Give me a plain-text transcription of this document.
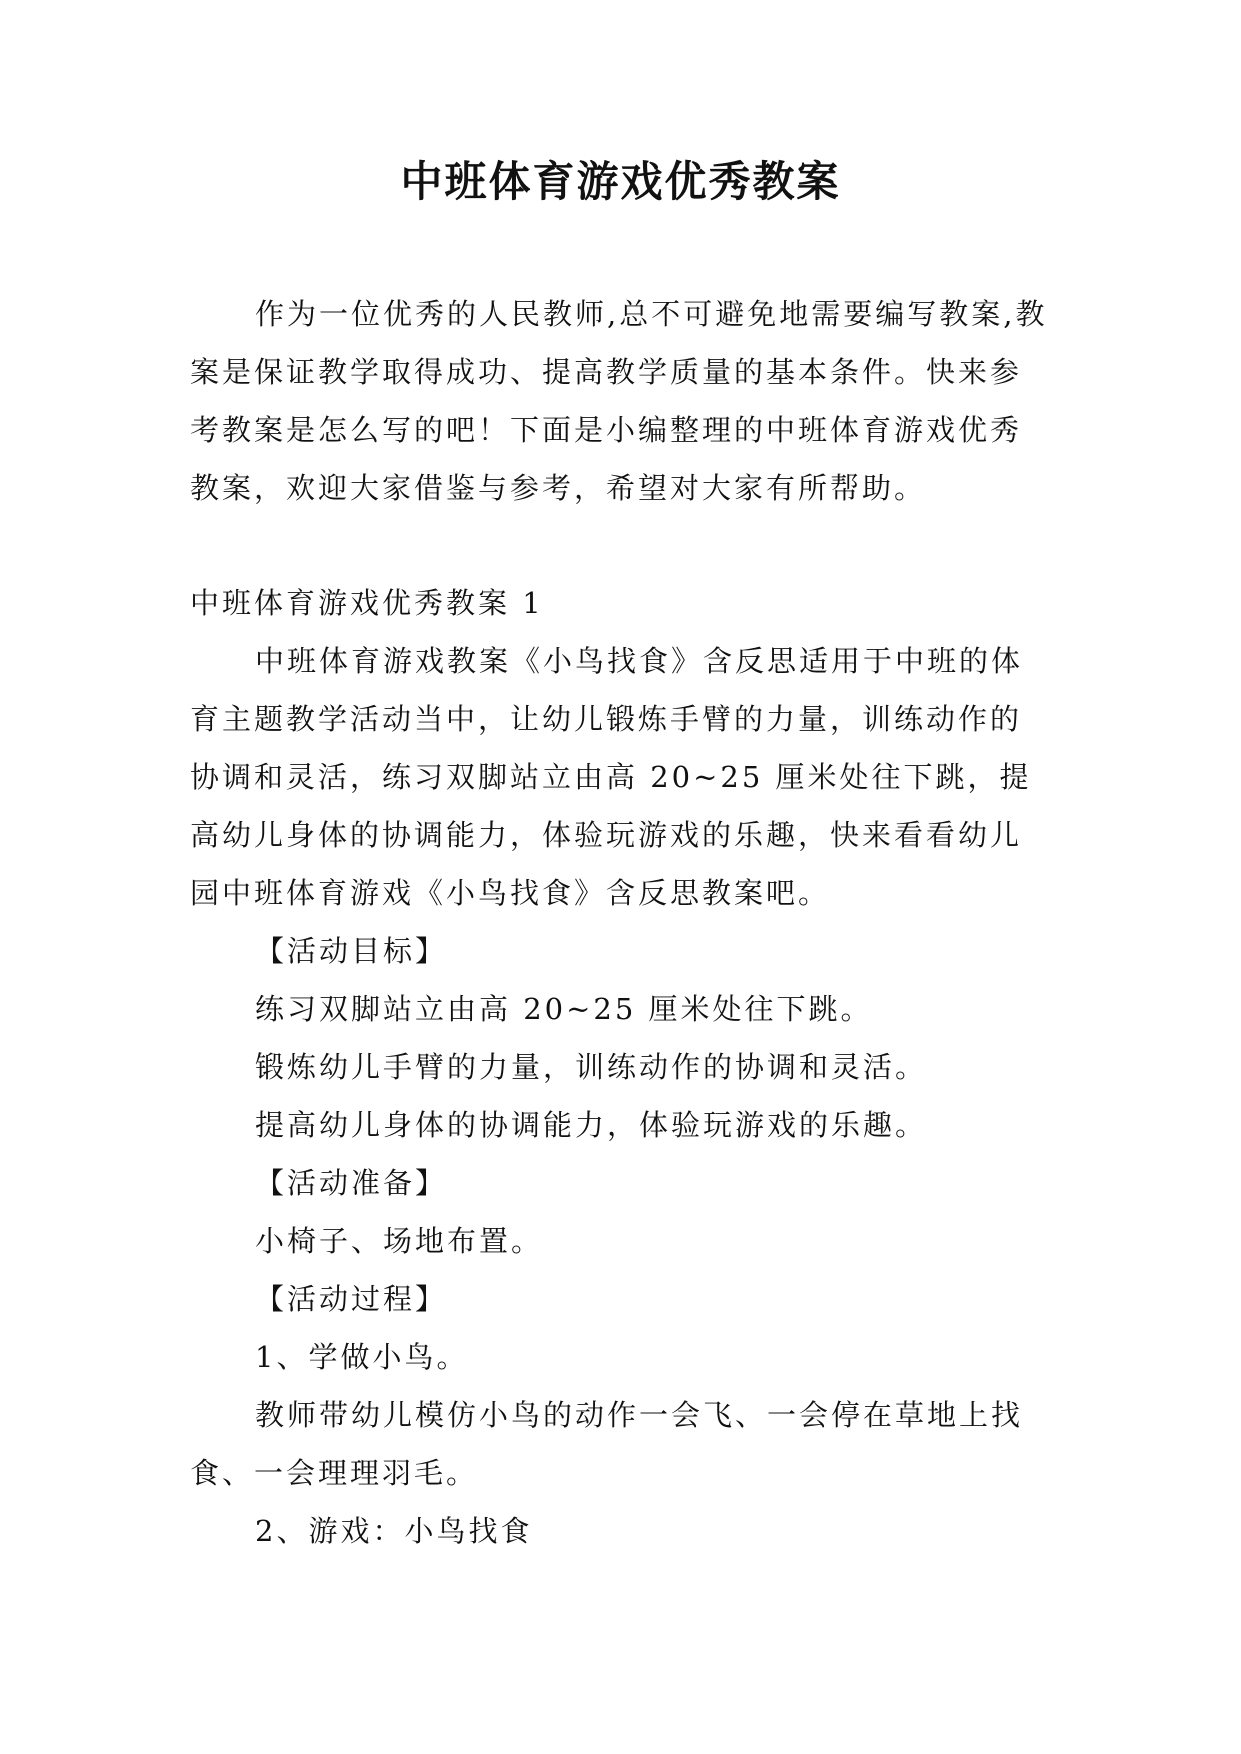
中班体育游戏优秀教案

作为一位优秀的人民教师,总不可避免地需要编写教案,教案是保证教学取得成功、提高教学质量的基本条件。快来参考教案是怎么写的吧！下面是小编整理的中班体育游戏优秀教案，欢迎大家借鉴与参考，希望对大家有所帮助。

中班体育游戏优秀教案 1

中班体育游戏教案《小鸟找食》含反思适用于中班的体育主题教学活动当中，让幼儿锻炼手臂的力量，训练动作的协调和灵活，练习双脚站立由高 20~25 厘米处往下跳，提高幼儿身体的协调能力，体验玩游戏的乐趣，快来看看幼儿园中班体育游戏《小鸟找食》含反思教案吧。

【活动目标】

练习双脚站立由高 20~25 厘米处往下跳。

锻炼幼儿手臂的力量，训练动作的协调和灵活。

提高幼儿身体的协调能力，体验玩游戏的乐趣。

【活动准备】

小椅子、场地布置。

【活动过程】

1、学做小鸟。

教师带幼儿模仿小鸟的动作一会飞、一会停在草地上找食、一会理理羽毛。

2、游戏：小鸟找食
